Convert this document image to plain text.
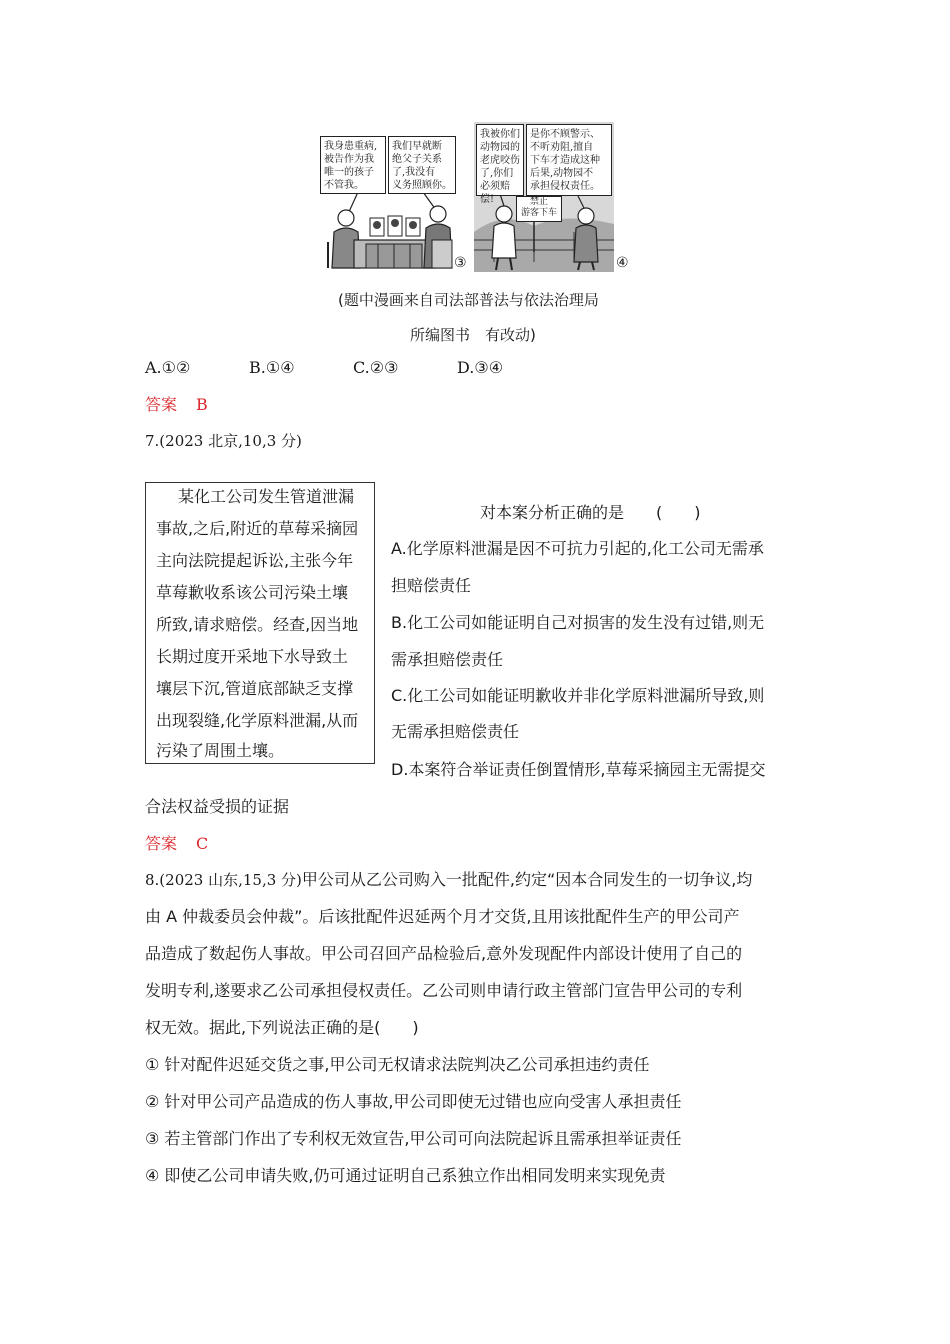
我身患重病,
被告作为我
唯一的孩子
不管我。
我们早就断
绝父子关系
了,我没有
义务照顾你。
③
我被你们
动物园的
老虎咬伤
了,你们
必须赔偿!
是你不顾警示、
不听劝阻,擅自
下车才造成这种
后果,动物园不
承担侵权责任。
禁止
游客下车
④
(题中漫画来自司法部普法与依法治理局
所编图书　有改动)
A.①②	B.①④	C.②③	D.③④
答案 B
7.(2023 北京,10,3 分)
某化工公司发生管道泄漏
事故,之后,附近的草莓采摘园
主向法院提起诉讼,主张今年
草莓歉收系该公司污染土壤
所致,请求赔偿。经查,因当地
长期过度开采地下水导致土
壤层下沉,管道底部缺乏支撑
出现裂缝,化学原料泄漏,从而
污染了周围土壤。
对本案分析正确的是　　(　　)
A.化学原料泄漏是因不可抗力引起的,化工公司无需承
担赔偿责任
B.化工公司如能证明自己对损害的发生没有过错,则无
需承担赔偿责任
C.化工公司如能证明歉收并非化学原料泄漏所导致,则
无需承担赔偿责任
D.本案符合举证责任倒置情形,草莓采摘园主无需提交
合法权益受损的证据
答案 C
8.(2023 山东,15,3 分)甲公司从乙公司购入一批配件,约定“因本合同发生的一切争议,均
由 A 仲裁委员会仲裁”。后该批配件迟延两个月才交货,且用该批配件生产的甲公司产
品造成了数起伤人事故。甲公司召回产品检验后,意外发现配件内部设计使用了自己的
发明专利,遂要求乙公司承担侵权责任。乙公司则申请行政主管部门宣告甲公司的专利
权无效。据此,下列说法正确的是(　　)
① 针对配件迟延交货之事,甲公司无权请求法院判决乙公司承担违约责任
② 针对甲公司产品造成的伤人事故,甲公司即使无过错也应向受害人承担责任
③ 若主管部门作出了专利权无效宣告,甲公司可向法院起诉且需承担举证责任
④ 即使乙公司申请失败,仍可通过证明自己系独立作出相同发明来实现免责
